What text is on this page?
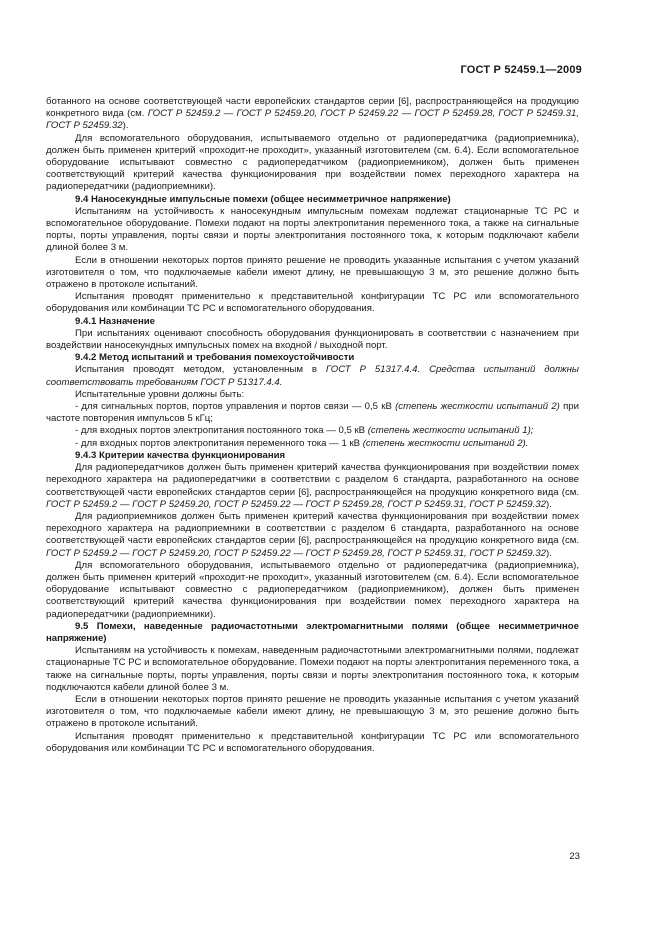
ГОСТ Р 52459.1—2009

ботанного на основе соответствующей части европейских стандартов серии [6], распространяющейся на продукцию конкретного вида (см. ГОСТ Р 52459.2 — ГОСТ Р 52459.20, ГОСТ Р 52459.22 — ГОСТ Р 52459.28, ГОСТ Р 52459.31, ГОСТ Р 52459.32).

Для вспомогательного оборудования, испытываемого отдельно от радиопередатчика (радиоприемника), должен быть применен критерий «проходит-не проходит», указанный изготовителем (см. 6.4). Если вспомогательное оборудование испытывают совместно с радиопередатчиком (радиоприемником), должен быть применен соответствующий критерий качества функционирования при воздействии помех переходного характера на радиопередатчики (радиоприемники).

9.4 Наносекундные импульсные помехи (общее несимметричное напряжение)

Испытаниям на устойчивость к наносекундным импульсным помехам подлежат стационарные ТС РС и вспомогательное оборудование. Помехи подают на порты электропитания переменного тока, а также на сигнальные порты, порты управления, порты связи и порты электропитания постоянного тока, к которым подключают кабели длиной более 3 м.

Если в отношении некоторых портов принято решение не проводить указанные испытания с учетом указаний изготовителя о том, что подключаемые кабели имеют длину, не превышающую 3 м, это решение должно быть отражено в протоколе испытаний.

Испытания проводят применительно к представительной конфигурации ТС РС или вспомогательного оборудования или комбинации ТС РС и вспомогательного оборудования.

9.4.1 Назначение

При испытаниях оценивают способность оборудования функционировать в соответствии с назначением при воздействии наносекундных импульсных помех на входной / выходной порт.

9.4.2 Метод испытаний и требования помехоустойчивости

Испытания проводят методом, установленным в ГОСТ Р 51317.4.4. Средства испытаний должны соответствовать требованиям ГОСТ Р 51317.4.4.

Испытательные уровни должны быть:

- для сигнальных портов, портов управления и портов связи — 0,5 кВ (степень жесткости испытаний 2) при частоте повторения импульсов 5 кГц;

- для входных портов электропитания постоянного тока — 0,5 кВ (степень жесткости испытаний 1);

- для входных портов электропитания переменного тока — 1 кВ (степень жесткости испытаний 2).

9.4.3 Критерии качества функционирования

Для радиопередатчиков должен быть применен критерий качества функционирования при воздействии помех переходного характера на радиопередатчики в соответствии с разделом 6 стандарта, разработанного на основе соответствующей части европейских стандартов серии [6], распространяющейся на продукцию конкретного вида (см. ГОСТ Р 52459.2 — ГОСТ Р 52459.20, ГОСТ Р 52459.22 — ГОСТ Р 52459.28, ГОСТ Р 52459.31, ГОСТ Р 52459.32).

Для радиоприемников должен быть применен критерий качества функционирования при воздействии помех переходного характера на радиоприемники в соответствии с разделом 6 стандарта, разработанного на основе соответствующей части европейских стандартов серии [6], распространяющейся на продукцию конкретного вида (см. ГОСТ Р 52459.2 — ГОСТ Р 52459.20, ГОСТ Р 52459.22 — ГОСТ Р 52459.28, ГОСТ Р 52459.31, ГОСТ Р 52459.32).

Для вспомогательного оборудования, испытываемого отдельно от радиопередатчика (радиоприемника), должен быть применен критерий «проходит-не проходит», указанный изготовителем (см. 6.4). Если вспомогательное оборудование испытывают совместно с радиопередатчиком (радиоприемником), должен быть применен соответствующий критерий качества функционирования при воздействии помех переходного характера на радиопередатчики (радиоприемники).

9.5 Помехи, наведенные радиочастотными электромагнитными полями (общее несимметричное напряжение)

Испытаниям на устойчивость к помехам, наведенным радиочастотными электромагнитными полями, подлежат стационарные ТС РС и вспомогательное оборудование. Помехи подают на порты электропитания переменного тока, а также на сигнальные порты, порты управления, порты связи и порты электропитания постоянного тока, к которым подключаются кабели длиной более 3 м.

Если в отношении некоторых портов принято решение не проводить указанные испытания с учетом указаний изготовителя о том, что подключаемые кабели имеют длину, не превышающую 3 м, это решение должно быть отражено в протоколе испытаний.

Испытания проводят применительно к представительной конфигурации ТС РС или вспомогательного оборудования или комбинации ТС РС и вспомогательного оборудования.

23
